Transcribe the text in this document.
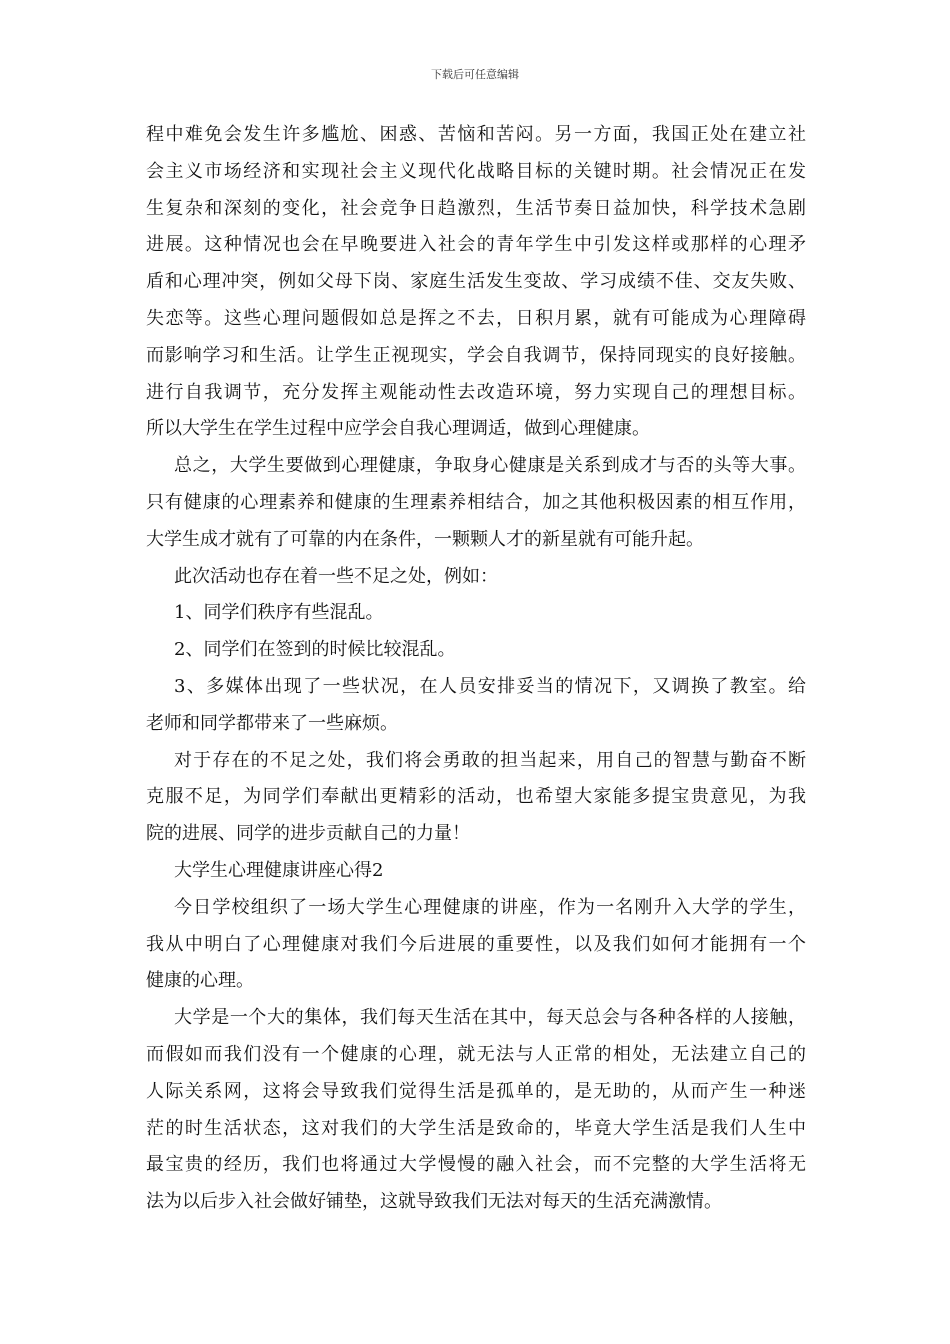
下载后可任意编辑
程中难免会发生许多尴尬、困惑、苦恼和苦闷。另一方面，我国正处在建立社
会主义市场经济和实现社会主义现代化战略目标的关键时期。社会情况正在发
生复杂和深刻的变化，社会竞争日趋激烈，生活节奏日益加快，科学技术急剧
进展。这种情况也会在早晚要进入社会的青年学生中引发这样或那样的心理矛
盾和心理冲突，例如父母下岗、家庭生活发生变故、学习成绩不佳、交友失败、
失恋等。这些心理问题假如总是挥之不去，日积月累，就有可能成为心理障碍
而影响学习和生活。让学生正视现实，学会自我调节，保持同现实的良好接触。
进行自我调节，充分发挥主观能动性去改造环境，努力实现自己的理想目标。
所以大学生在学生过程中应学会自我心理调适，做到心理健康。
总之，大学生要做到心理健康，争取身心健康是关系到成才与否的头等大事。
只有健康的心理素养和健康的生理素养相结合，加之其他积极因素的相互作用，
大学生成才就有了可靠的内在条件，一颗颗人才的新星就有可能升起。
此次活动也存在着一些不足之处，例如：
1、同学们秩序有些混乱。
2、同学们在签到的时候比较混乱。
3、多媒体出现了一些状况，在人员安排妥当的情况下，又调换了教室。给
老师和同学都带来了一些麻烦。
对于存在的不足之处，我们将会勇敢的担当起来，用自己的智慧与勤奋不断
克服不足，为同学们奉献出更精彩的活动，也希望大家能多提宝贵意见，为我
院的进展、同学的进步贡献自己的力量！
大学生心理健康讲座心得2
今日学校组织了一场大学生心理健康的讲座，作为一名刚升入大学的学生，
我从中明白了心理健康对我们今后进展的重要性，以及我们如何才能拥有一个
健康的心理。
大学是一个大的集体，我们每天生活在其中，每天总会与各种各样的人接触，
而假如而我们没有一个健康的心理，就无法与人正常的相处，无法建立自己的
人际关系网，这将会导致我们觉得生活是孤单的，是无助的，从而产生一种迷
茫的时生活状态，这对我们的大学生活是致命的，毕竟大学生活是我们人生中
最宝贵的经历，我们也将通过大学慢慢的融入社会，而不完整的大学生活将无
法为以后步入社会做好铺垫，这就导致我们无法对每天的生活充满激情。
